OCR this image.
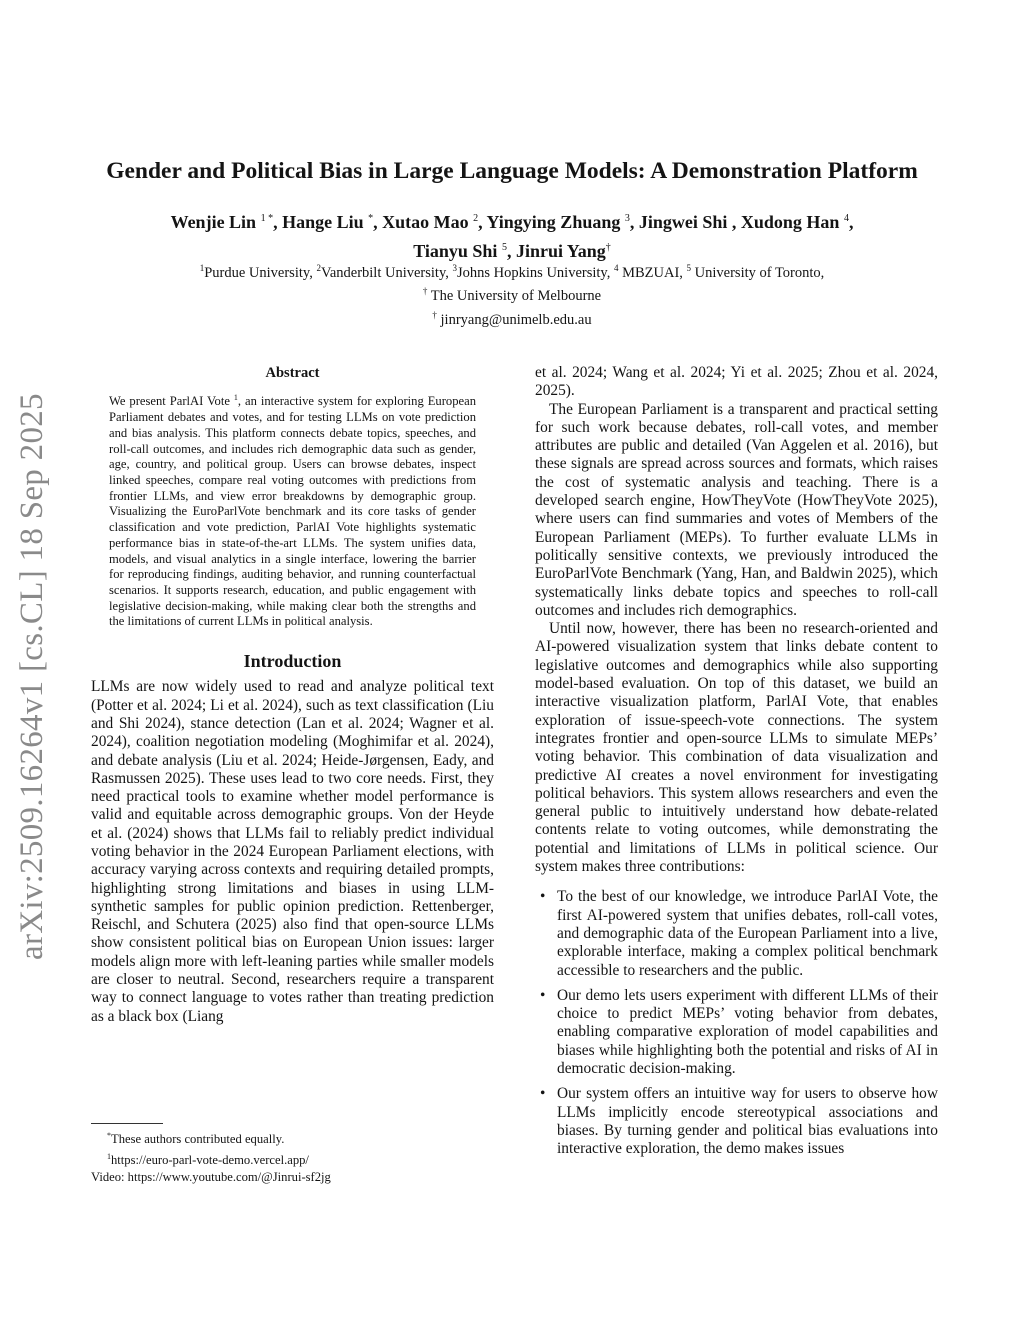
arXiv:2509.16264v1 [cs.CL] 18 Sep 2025
Gender and Political Bias in Large Language Models: A Demonstration Platform
Wenjie Lin $^{1 *}$, Hange Liu *, Xutao Mao $^2$, Yingying Zhuang $^3$, Jingwei Shi , Xudong Han $^4$,
Tianyu Shi $^5$, Jinrui Yang†
$^1$Purdue University, $^2$Vanderbilt University, $^3$Johns Hopkins University, $^4$ MBZUAI, $^5$ University of Toronto,
† The University of Melbourne
† jinryang@unimelb.edu.au
Abstract

We present ParlAI Vote $^1$, an interactive system for exploring European Parliament debates and votes, and for testing LLMs on vote prediction and bias analysis. This platform connects debate topics, speeches, and roll-call outcomes, and includes rich demographic data such as gender, age, country, and political group. Users can browse debates, inspect linked speeches, compare real voting outcomes with predictions from frontier LLMs, and view error breakdowns by demographic group. Visualizing the EuroParlVote benchmark and its core tasks of gender classification and vote prediction, ParlAI Vote highlights systematic performance bias in state-of-the-art LLMs. The system unifies data, models, and visual analytics in a single interface, lowering the barrier for reproducing findings, auditing behavior, and running counterfactual scenarios. It supports research, education, and public engagement with legislative decision-making, while making clear both the strengths and the limitations of current LLMs in political analysis.

Introduction

LLMs are now widely used to read and analyze political text (Potter et al. 2024; Li et al. 2024), such as text classification (Liu and Shi 2024), stance detection (Lan et al. 2024; Wagner et al. 2024), coalition negotiation modeling (Moghimifar et al. 2024), and debate analysis (Liu et al. 2024; Heide-Jørgensen, Eady, and Rasmussen 2025). These uses lead to two core needs. First, they need practical tools to examine whether model performance is valid and equitable across demographic groups. Von der Heyde et al. (2024) shows that LLMs fail to reliably predict individual voting behavior in the 2024 European Parliament elections, with accuracy varying across contexts and requiring detailed prompts, highlighting strong limitations and biases in using LLM-synthetic samples for public opinion prediction. Rettenberger, Reischl, and Schutera (2025) also find that open-source LLMs show consistent political bias on European Union issues: larger models align more with left-leaning parties while smaller models are closer to neutral. Second, researchers require a transparent way to connect language to votes rather than treating prediction as a black box (Liang

et al. 2024; Wang et al. 2024; Yi et al. 2025; Zhou et al. 2024, 2025).

The European Parliament is a transparent and practical setting for such work because debates, roll-call votes, and member attributes are public and detailed (Van Aggelen et al. 2016), but these signals are spread across sources and formats, which raises the cost of systematic analysis and teaching. There is a developed search engine, HowTheyVote (HowTheyVote 2025), where users can find summaries and votes of Members of the European Parliament (MEPs). To further evaluate LLMs in politically sensitive contexts, we previously introduced the EuroParlVote Benchmark (Yang, Han, and Baldwin 2025), which systematically links debate topics and speeches to roll-call outcomes and includes rich demographics.

Until now, however, there has been no research-oriented and AI-powered visualization system that links debate content to legislative outcomes and demographics while also supporting model-based evaluation. On top of this dataset, we build an interactive visualization platform, ParlAI Vote, that enables exploration of issue-speech-vote connections. The system integrates frontier and open-source LLMs to simulate MEPs’ voting behavior. This combination of data visualization and predictive AI creates a novel environment for investigating political behaviors. This system allows researchers and even the general public to intuitively understand how debate-related contents relate to voting outcomes, while demonstrating the potential and limitations of LLMs in political science. Our system makes three contributions:

• To the best of our knowledge, we introduce ParlAI Vote, the first AI-powered system that unifies debates, roll-call votes, and demographic data of the European Parliament into a live, explorable interface, making a complex political benchmark accessible to researchers and the public.
• Our demo lets users experiment with different LLMs of their choice to predict MEPs’ voting behavior from debates, enabling comparative exploration of model capabilities and biases while highlighting both the potential and risks of AI in democratic decision-making.
• Our system offers an intuitive way for users to observe how LLMs implicitly encode stereotypical associations and biases. By turning gender and political bias evaluations into interactive exploration, the demo makes issues
*These authors contributed equally.
$^1$https://euro-parl-vote-demo.vercel.app/
Video: https://www.youtube.com/@Jinrui-sf2jg
